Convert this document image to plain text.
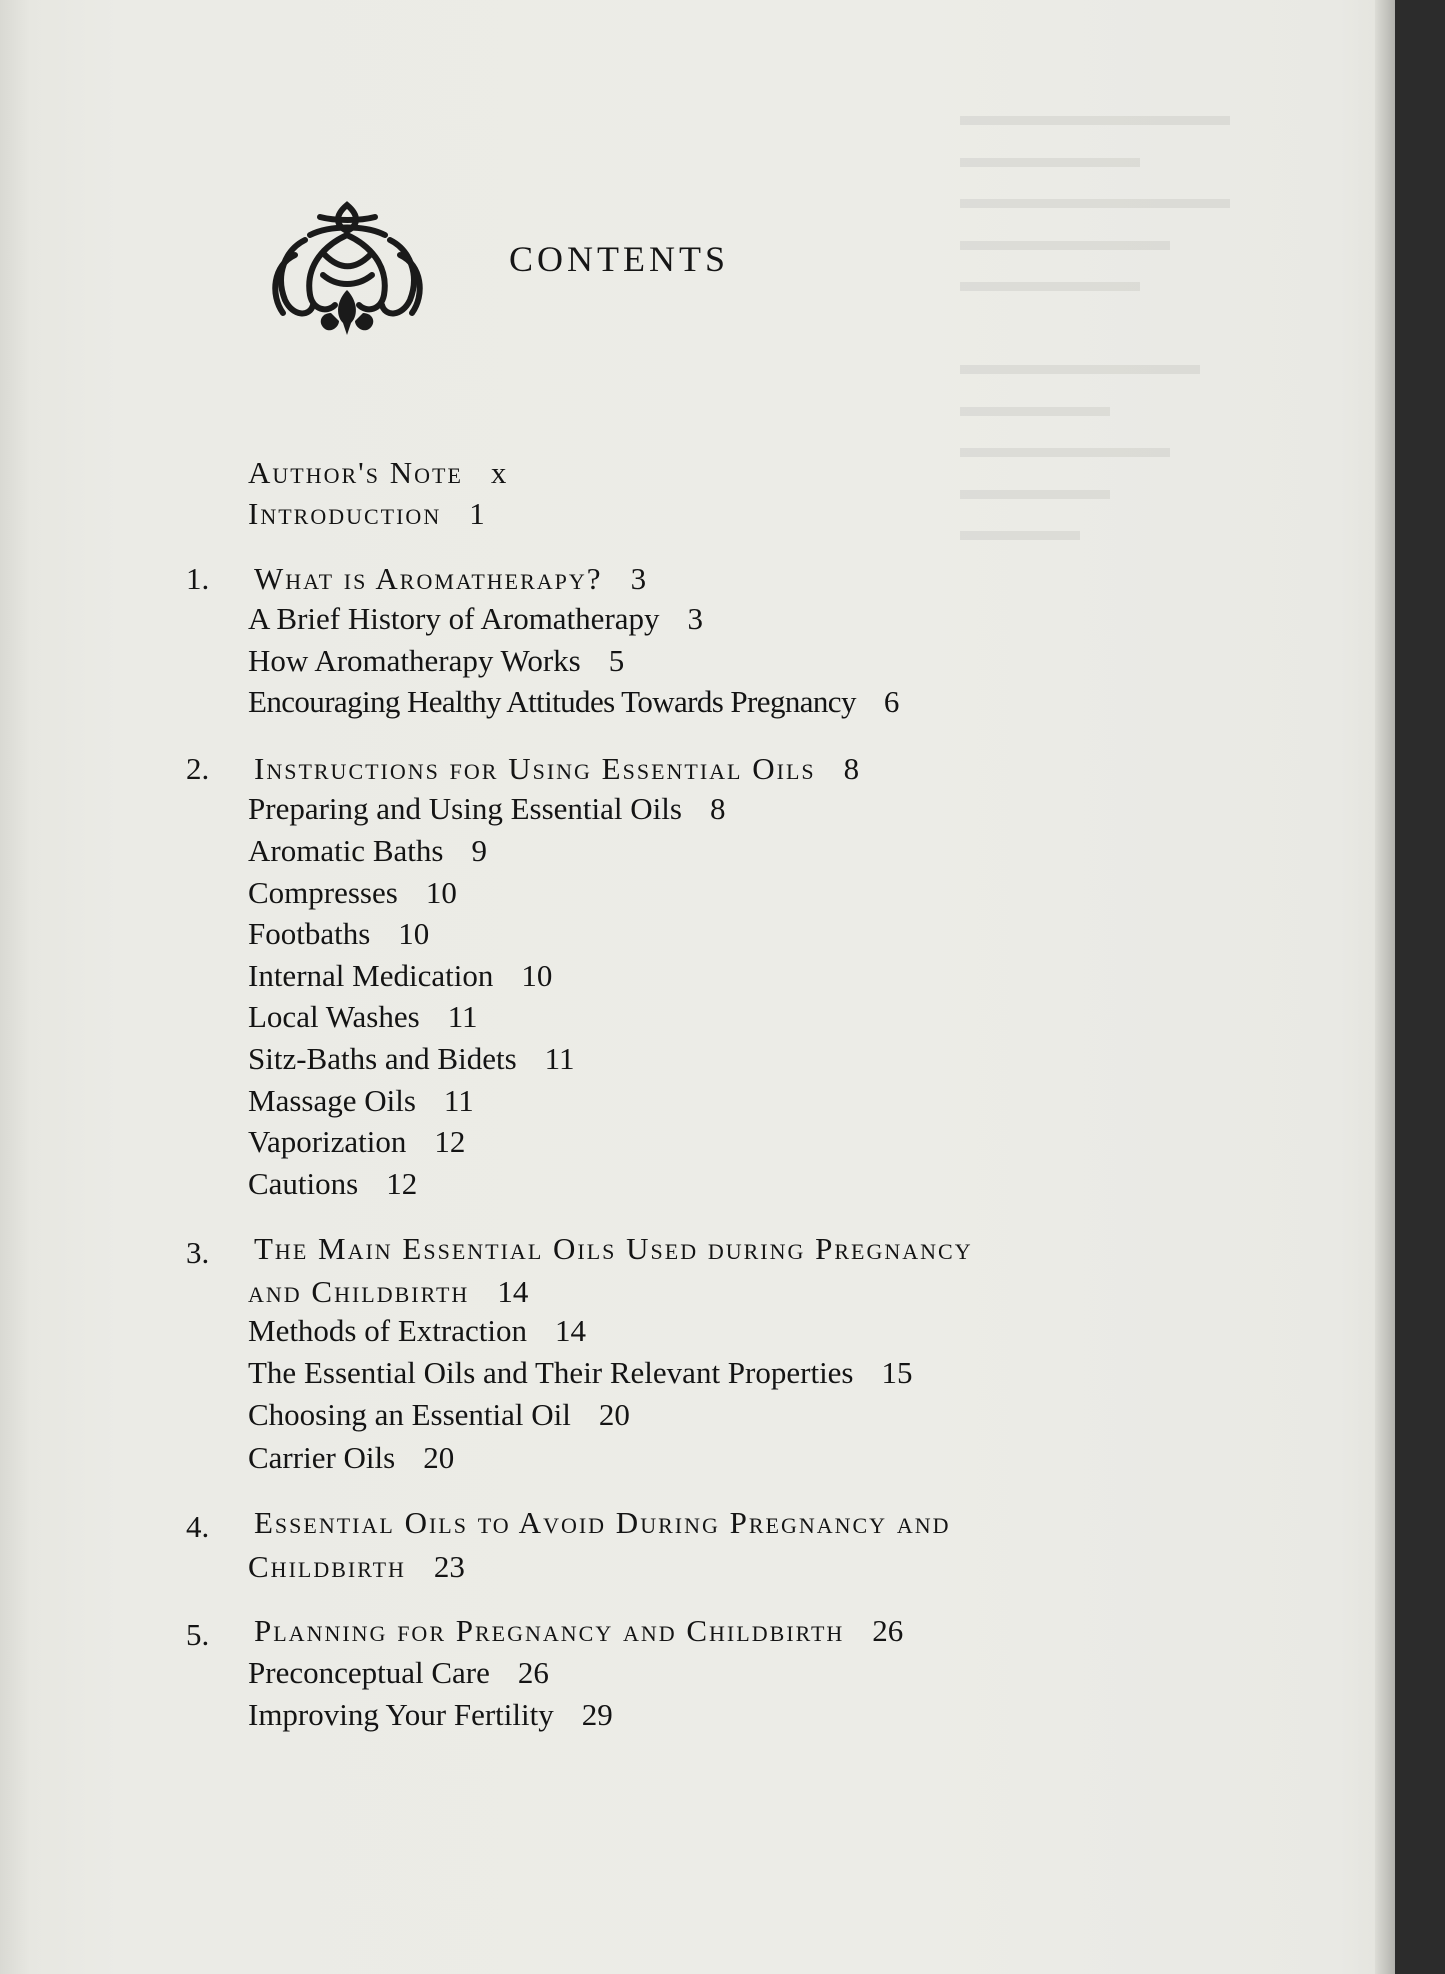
▬▬▬▬▬▬▬▬▬
▬▬▬▬▬▬
▬▬▬▬▬▬▬▬▬
▬▬▬▬▬▬▬
▬▬▬▬▬▬
▬▬▬▬▬▬▬▬
▬▬▬▬▬
▬▬▬▬▬▬▬
▬▬▬▬▬
▬▬▬▬
CONTENTS
Author's Note x
Introduction 1
1. What is Aromatherapy? 3
A Brief History of Aromatherapy 3
How Aromatherapy Works 5
Encouraging Healthy Attitudes Towards Pregnancy 6
2. Instructions for Using Essential Oils 8
Preparing and Using Essential Oils 8
Aromatic Baths 9
Compresses 10
Footbaths 10
Internal Medication 10
Local Washes 11
Sitz-Baths and Bidets 11
Massage Oils 11
Vaporization 12
Cautions 12
3. The Main Essential Oils Used during Pregnancy
and Childbirth 14
Methods of Extraction 14
The Essential Oils and Their Relevant Properties 15
Choosing an Essential Oil 20
Carrier Oils 20
4. Essential Oils to Avoid During Pregnancy and
Childbirth 23
5. Planning for Pregnancy and Childbirth 26
Preconceptual Care 26
Improving Your Fertility 29
